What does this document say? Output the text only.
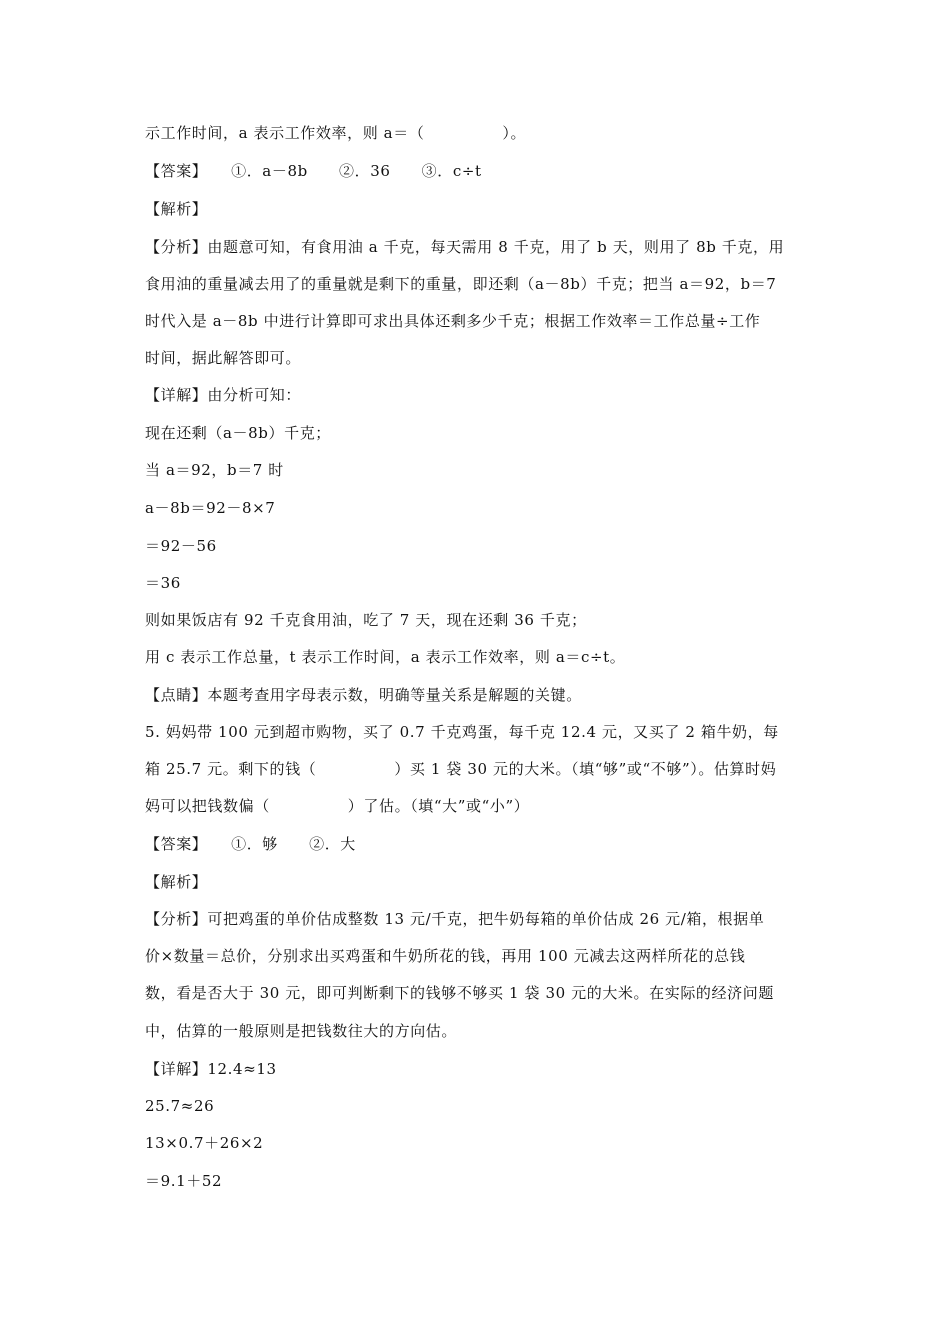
示工作时间，a 表示工作效率，则 a＝（　　　　　）。
【答案】　　①．a－8b　　②．36　　③．c÷t
【解析】
【分析】由题意可知，有食用油 a 千克，每天需用 8 千克，用了 b 天，则用了 8b 千克，用
食用油的重量减去用了的重量就是剩下的重量，即还剩（a－8b）千克；把当 a＝92，b＝7
时代入是 a－8b 中进行计算即可求出具体还剩多少千克；根据工作效率＝工作总量÷工作
时间，据此解答即可。
【详解】由分析可知：
现在还剩（a－8b）千克；
当 a＝92，b＝7 时
a－8b＝92－8×7
＝92－56
＝36
则如果饭店有 92 千克食用油，吃了 7 天，现在还剩 36 千克；
用 c 表示工作总量，t 表示工作时间，a 表示工作效率，则 a＝c÷t。
【点睛】本题考查用字母表示数，明确等量关系是解题的关键。
5. 妈妈带 100 元到超市购物，买了 0.7 千克鸡蛋，每千克 12.4 元，又买了 2 箱牛奶，每
箱 25.7 元。剩下的钱（　　　　　）买 1 袋 30 元的大米。（填“够”或“不够”）。估算时妈
妈可以把钱数偏（　　　　　）了估。（填“大”或“小”）
【答案】　　①．够　　②．大
【解析】
【分析】可把鸡蛋的单价估成整数 13 元/千克，把牛奶每箱的单价估成 26 元/箱，根据单
价×数量＝总价，分别求出买鸡蛋和牛奶所花的钱，再用 100 元减去这两样所花的总钱
数，看是否大于 30 元，即可判断剩下的钱够不够买 1 袋 30 元的大米。在实际的经济问题
中，估算的一般原则是把钱数往大的方向估。
【详解】12.4≈13
25.7≈26
13×0.7＋26×2
＝9.1＋52
